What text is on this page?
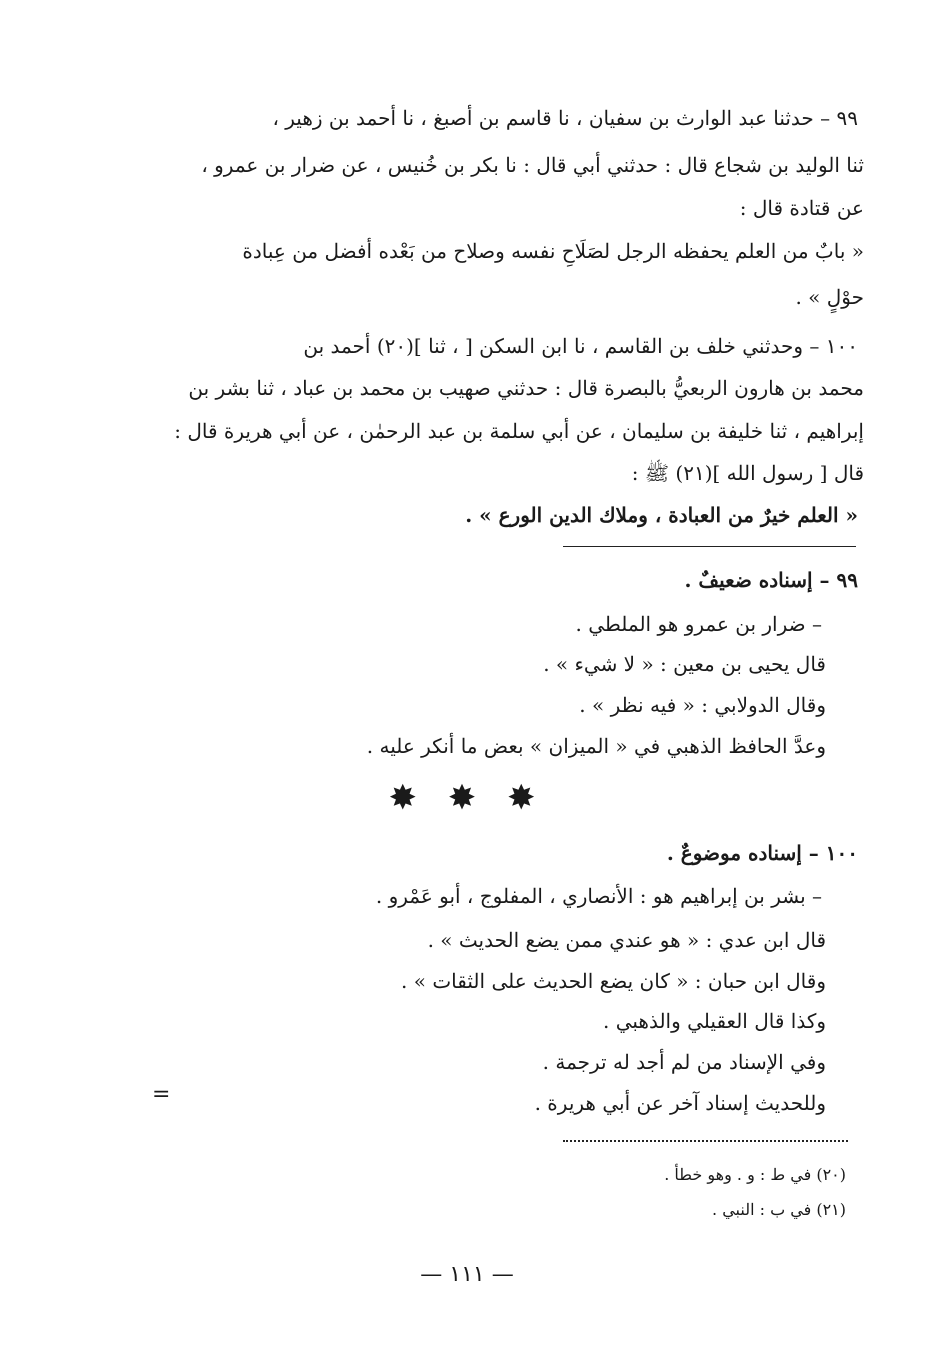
٩٩ – حدثنا عبد الوارث بن سفيان ، نا قاسم بن أصبغ ، نا أحمد بن زهير ،
ثنا الوليد بن شجاع قال : حدثني أبي قال : نا بكر بن خُنيس ، عن ضرار بن عمرو ،
عن قتادة قال :
« بابٌ من العلم يحفظه الرجل لصَلَاحِ نفسه وصلاح من بَعْده أفضل من عِبادة
حوْلٍ » .
١٠٠ – وحدثني خلف بن القاسم ، نا ابن السكن [ ، ثنا ](٢٠) أحمد بن
محمد بن هارون الربعيُّ بالبصرة قال : حدثني صهيب بن محمد بن عباد ، ثنا بشر بن
إبراهيم ، ثنا خليفة بن سليمان ، عن أبي سلمة بن عبد الرحمٰن ، عن أبي هريرة قال :
قال [ رسول الله ](٢١) ﷺ :
« العلم خيرٌ من العبادة ، وملاك الدين الورع » .
٩٩ – إسناده ضعيفٌ .
– ضرار بن عمرو هو الملطي .
قال يحيى بن معين : « لا شيء » .
وقال الدولابي : « فيه نظر » .
وعدَّ الحافظ الذهبي في « الميزان » بعض ما أنكر عليه .
✸ ✸ ✸
١٠٠ – إسناده موضوعٌ .
– بشر بن إبراهيم هو : الأنصاري ، المفلوج ، أبو عَمْرو .
قال ابن عدي : « هو عندي ممن يضع الحديث » .
وقال ابن حبان : « كان يضع الحديث على الثقات » .
وكذا قال العقيلي والذهبي .
وفي الإسناد من لم أجد له ترجمة .
وللحديث إسناد آخر عن أبي هريرة .
=
(٢٠) في ط : و . وهو خطأ .
(٢١) في ب : النبي .
— ١١١ —
